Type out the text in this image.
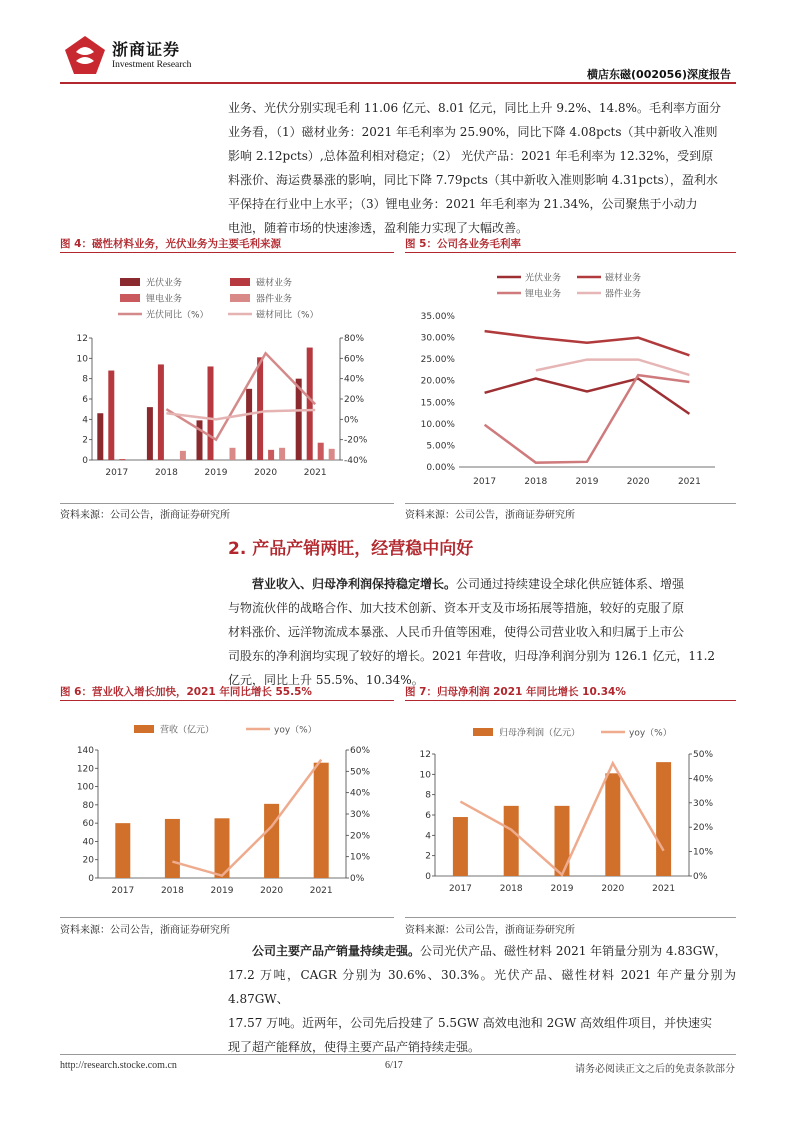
浙商证券
Investment Research
横店东磁(002056)深度报告

业务、光伏分别实现毛利 11.06 亿元、8.01 亿元，同比上升 9.2%、14.8%。毛利率方面分

业务看，（1）磁材业务：2021 年毛利率为 25.90%，同比下降 4.08pcts（其中新收入准则

影响 2.12pcts）,总体盈利相对稳定；（2） 光伏产品：2021 年毛利率为 12.32%，受到原

料涨价、海运费暴涨的影响，同比下降 7.79pcts（其中新收入准则影响 4.31pcts），盈利水

平保持在行业中上水平；（3）锂电业务：2021 年毛利率为 21.34%，公司聚焦于小动力

电池，随着市场的快速渗透，盈利能力实现了大幅改善。

图 4：磁性材料业务，光伏业务为主要毛利来源
光伏业务	磁材业务
锂电业务	器件业务
光伏同比（%）	磁材同比（%）
0
2
4
6
8
10
12
-40%
-20%
0%
20%
40%
60%
80%
2017	2018	2019	2020	2021
资料来源：公司公告，浙商证券研究所
图 5：公司各业务毛利率
光伏业务	磁材业务
锂电业务	器件业务
0.00%
5.00%
10.00%
15.00%
20.00%
25.00%
30.00%
35.00%
2017	2018	2019	2020	2021
资料来源：公司公告，浙商证券研究所
2. 产品产销两旺，经营稳中向好

营业收入、归母净利润保持稳定增长。公司通过持续建设全球化供应链体系、增强

与物流伙伴的战略合作、加大技术创新、资本开支及市场拓展等措施，较好的克服了原

材料涨价、远洋物流成本暴涨、人民币升值等困难，使得公司营业收入和归属于上市公

司股东的净利润均实现了较好的增长。2021 年营收，归母净利润分别为 126.1 亿元，11.2

亿元，同比上升 55.5%、10.34%。

图 6：营业收入增长加快，2021 年同比增长 55.5%
营收（亿元）	yoy（%）
0
20
40
60
80
100
120
140
0%
10%
20%
30%
40%
50%
60%
2017	2018	2019	2020	2021
资料来源：公司公告，浙商证券研究所
图 7：归母净利润 2021 年同比增长 10.34%
归母净利润（亿元）	yoy（%）
0
2
4
6
8
10
12
0%
10%
20%
30%
40%
50%
2017	2018	2019	2020	2021
资料来源：公司公告，浙商证券研究所

公司主要产品产销量持续走强。公司光伏产品、磁性材料 2021 年销量分别为 4.83GW，

17.2 万吨，CAGR 分别为 30.6%、30.3%。光伏产品、磁性材料 2021 年产量分别为 4.87GW、

17.57 万吨。近两年，公司先后投建了 5.5GW 高效电池和 2GW 高效组件项目，并快速实

现了超产能释放，使得主要产品产销持续走强。

http://research.stocke.com.cn	6/17	请务必阅读正文之后的免责条款部分
